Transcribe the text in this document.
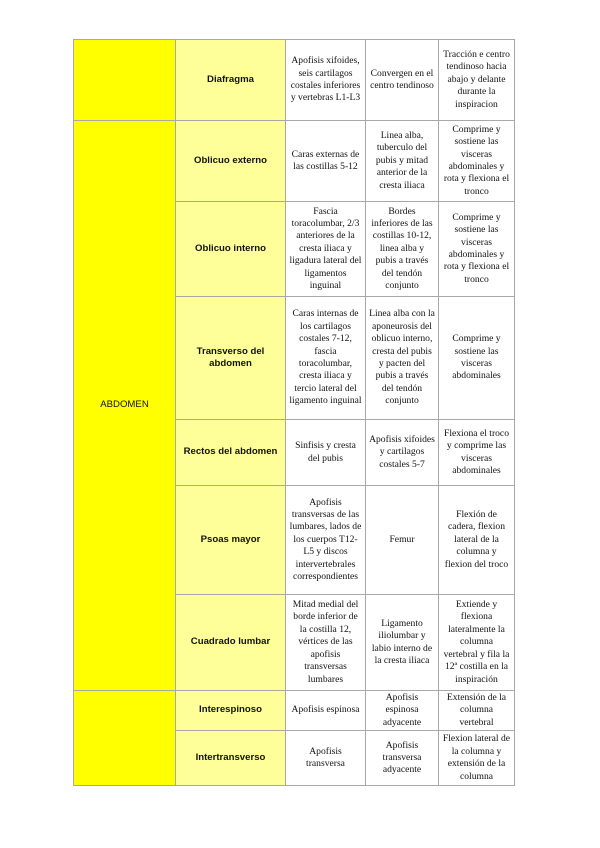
	Diafragma	Apofisis xifoides, seis cartilagos costales inferiores y vertebras L1-L3	Convergen en el centro tendinoso	Tracción e centro tendinoso hacia abajo y delante durante la inspiracion
ABDOMEN	Oblicuo externo	Caras externas de las costillas 5-12	Linea alba, tuberculo del pubis y mitad anterior de la cresta iliaca	Comprime y sostiene las visceras abdominales y rota y flexiona el tronco
	Oblicuo interno	Fascia toracolumbar, 2/3 anteriores de la cresta iliaca y ligadura lateral del ligamentos inguinal	Bordes inferiores de las costillas 10-12, linea alba y pubis a través del tendón conjunto	Comprime y sostiene las visceras abdominales y rota y flexiona el tronco
	Transverso del abdomen	Caras internas de los cartilagos costales 7-12, fascia toracolumbar, cresta iliaca y tercio lateral del ligamento inguinal	Linea alba con la aponeurosis del oblicuo interno, cresta del pubis y pacten del pubis a través del tendón conjunto	Comprime y sostiene las visceras abdominales
	Rectos del abdomen	Sinfisis y cresta del pubis	Apofisis xifoides y cartilagos costales 5-7	Flexiona el troco y comprime las visceras abdominales
	Psoas mayor	Apofisis transversas de las lumbares, lados de los cuerpos T12-L5 y discos intervertebrales correspondientes	Femur	Flexión de cadera, flexion lateral de la columna y flexion del troco
	Cuadrado lumbar	Mitad medial del borde inferior de la costilla 12, vértices de las apofisis transversas lumbares	Ligamento iliolumbar y labio interno de la cresta iliaca	Extiende y flexiona lateralmente la columna vertebral y fila la 12ª costilla en la inspiración
	Interespinoso	Apofisis espinosa	Apofisis espinosa adyacente	Extensión de la columna vertebral
	Intertransverso	Apofisis transversa	Apofisis transversa adyacente	Flexion lateral de la columna y extensión de la columna
